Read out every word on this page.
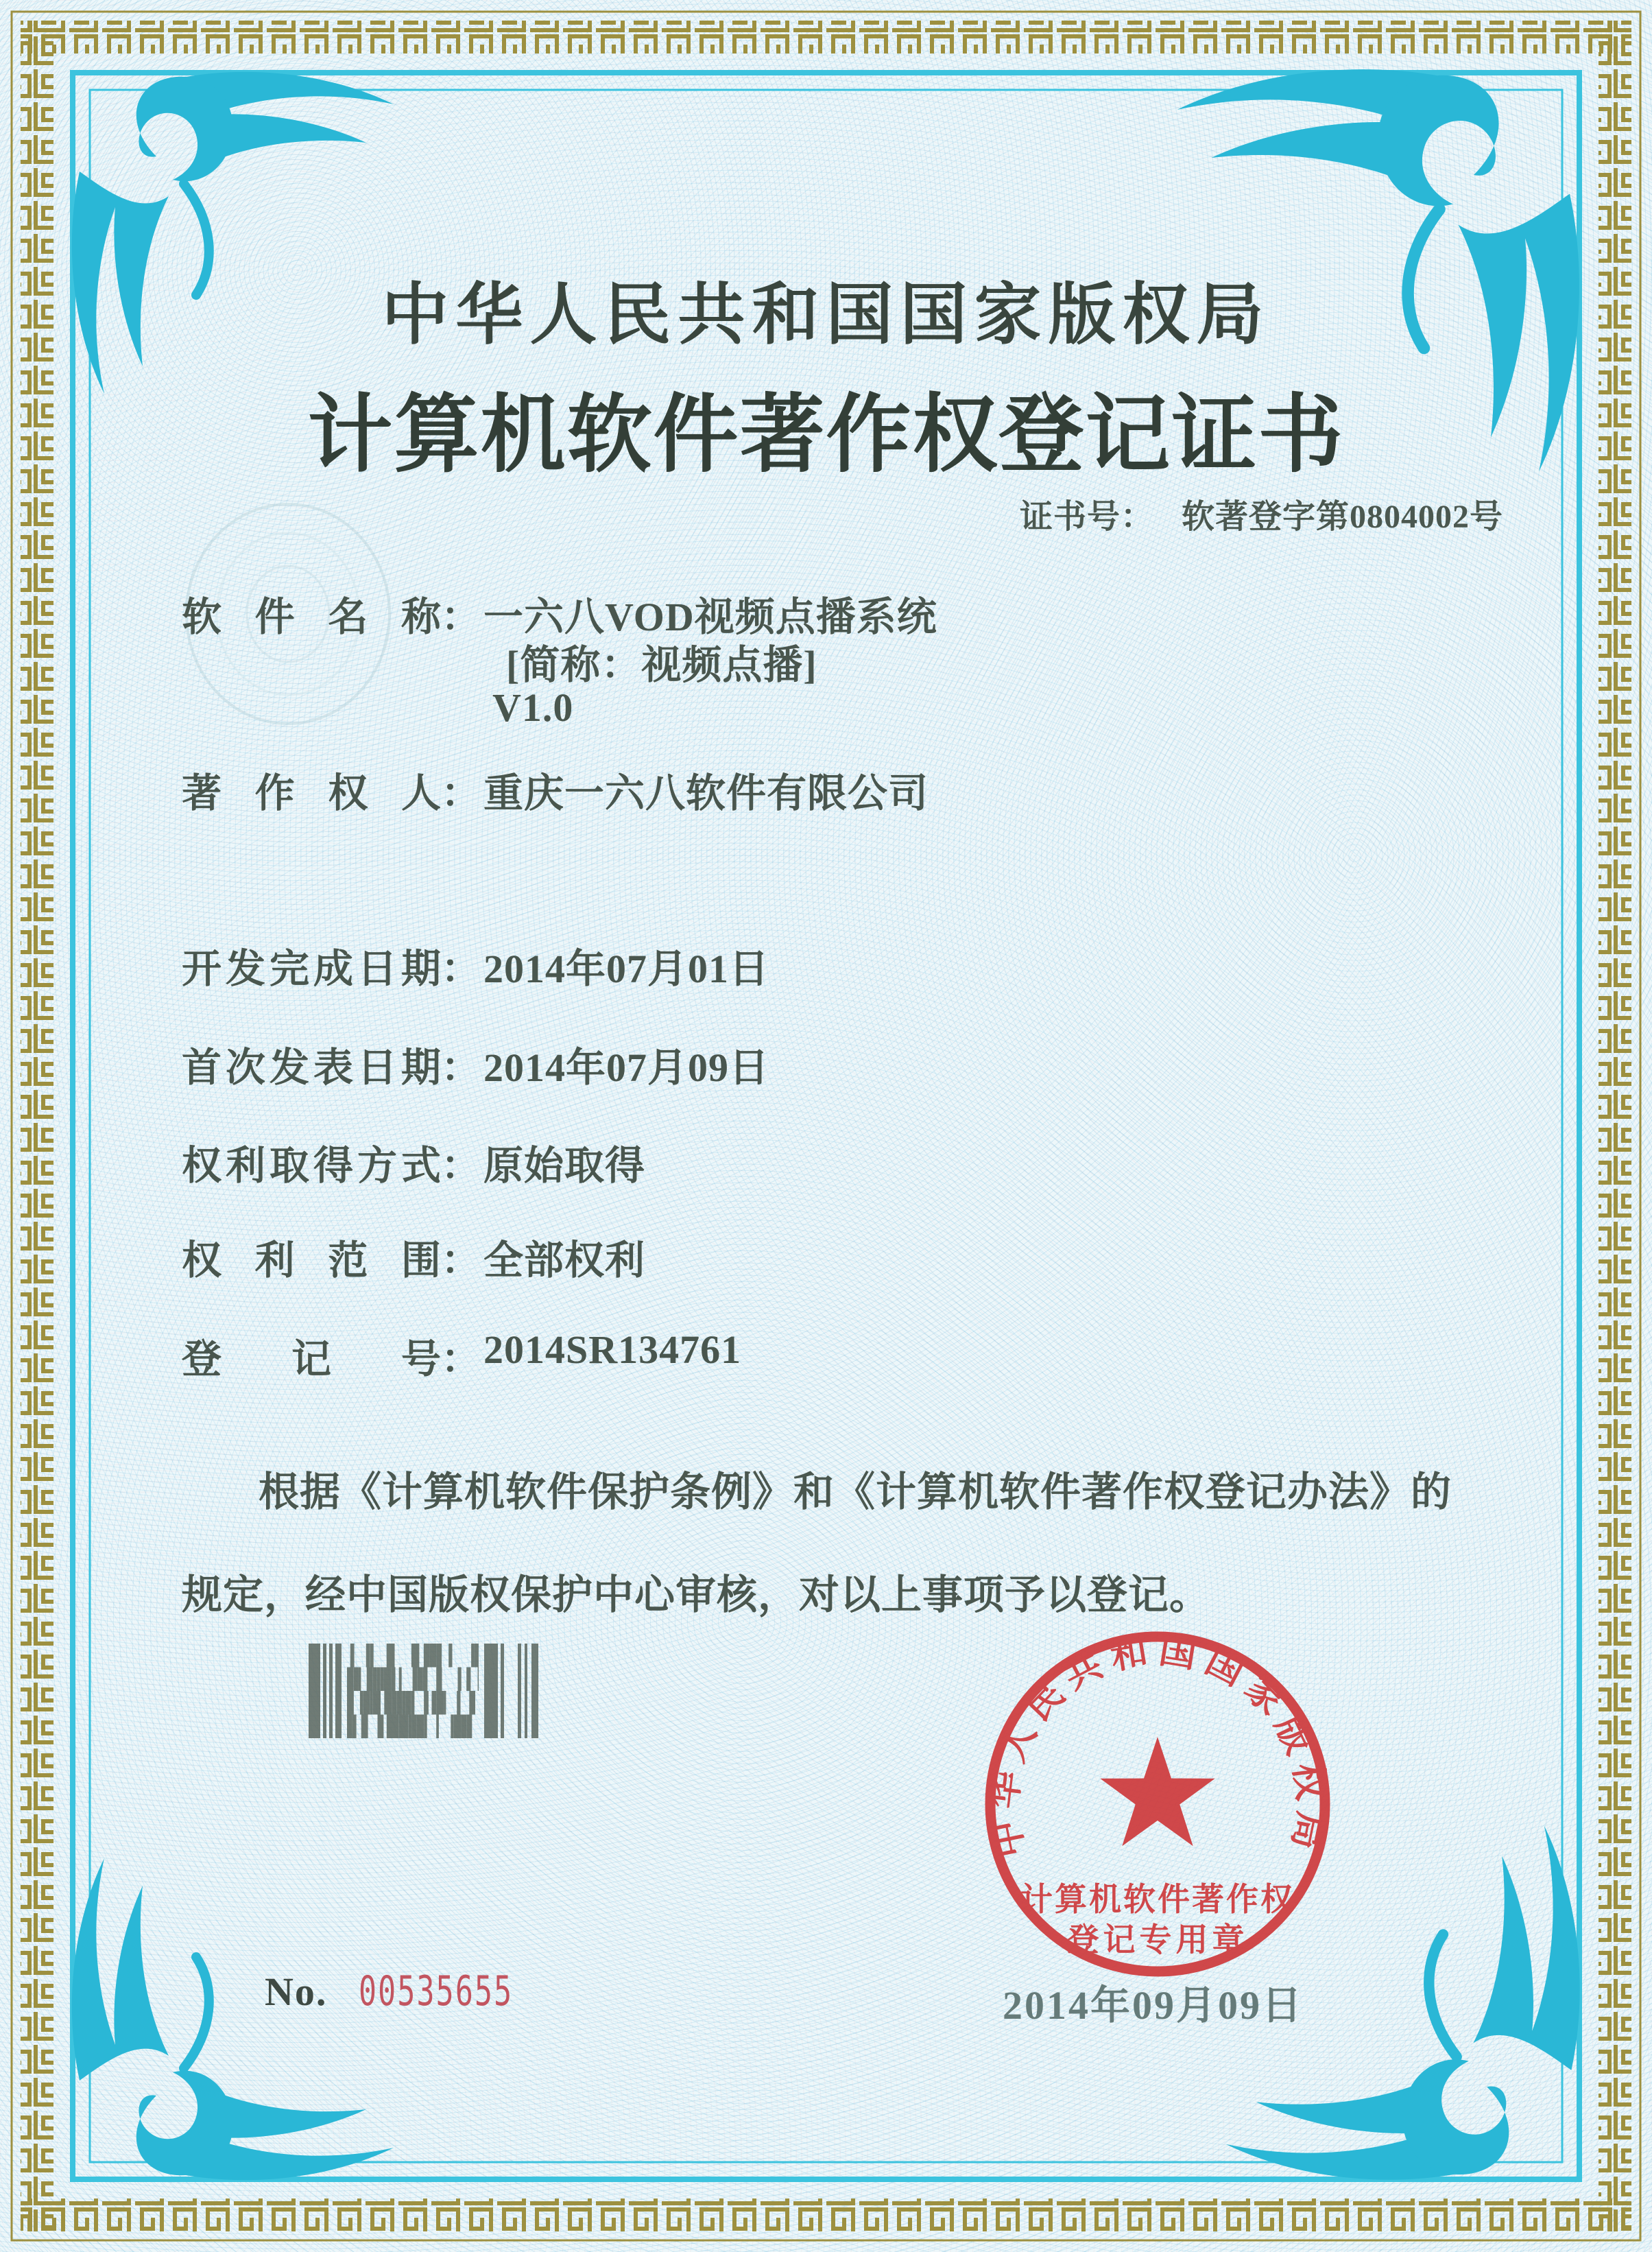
中华人民共和国国家版权局
计算机软件著作权登记证书
证书号： 软著登字第0804002号
软件名称： 一六八VOD视频点播系统
[简称：视频点播]
V1.0
著作权人： 重庆一六八软件有限公司
开发完成日期： 2014年07月01日
首次发表日期： 2014年07月09日
权利取得方式： 原始取得
权利范围： 全部权利
登记号： 2014SR134761
根据《计算机软件保护条例》和《计算机软件著作权登记办法》的
规定，经中国版权保护中心审核，对以上事项予以登记。
中华人民共和国国家版权局
计算机软件著作权
登记专用章
2014年09月09日
No. 00535655
